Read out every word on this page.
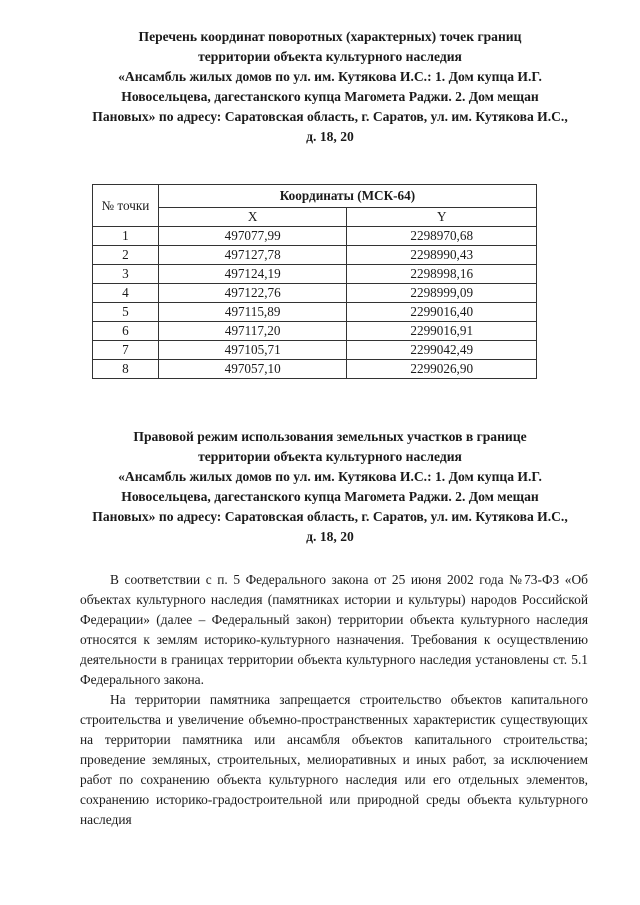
Перечень координат поворотных (характерных) точек границ
территории объекта культурного наследия
«Ансамбль жилых домов по ул. им. Кутякова И.С.: 1. Дом купца И.Г.
Новосельцева, дагестанского купца Магомета Раджи. 2. Дом мещан
Пановых» по адресу: Саратовская область, г. Саратов, ул. им. Кутякова И.С.,
д. 18, 20
№ точки	Координаты (МСК-64)	
	X	Y
1	497077,99	2298970,68
2	497127,78	2298990,43
3	497124,19	2298998,16
4	497122,76	2298999,09
5	497115,89	2299016,40
6	497117,20	2299016,91
7	497105,71	2299042,49
8	497057,10	2299026,90
Правовой режим использования земельных участков в границе
территории объекта культурного наследия
«Ансамбль жилых домов по ул. им. Кутякова И.С.: 1. Дом купца И.Г.
Новосельцева, дагестанского купца Магомета Раджи. 2. Дом мещан
Пановых» по адресу: Саратовская область, г. Саратов, ул. им. Кутякова И.С.,
д. 18, 20

В соответствии с п. 5 Федерального закона от 25 июня 2002 года №73-ФЗ «Об объектах культурного наследия (памятниках истории и культуры) народов Российской Федерации» (далее – Федеральный закон) территории объекта культурного наследия относятся к землям историко-культурного назначения. Требования к осуществлению деятельности в границах территории объекта культурного наследия установлены ст. 5.1 Федерального закона.

На территории памятника запрещается строительство объектов капитального строительства и увеличение объемно-пространственных характеристик существующих на территории памятника или ансамбля объектов капитального строительства; проведение земляных, строительных, мелиоративных и иных работ, за исключением работ по сохранению объекта культурного наследия или его отдельных элементов, сохранению историко-градостроительной или природной среды объекта культурного наследия
